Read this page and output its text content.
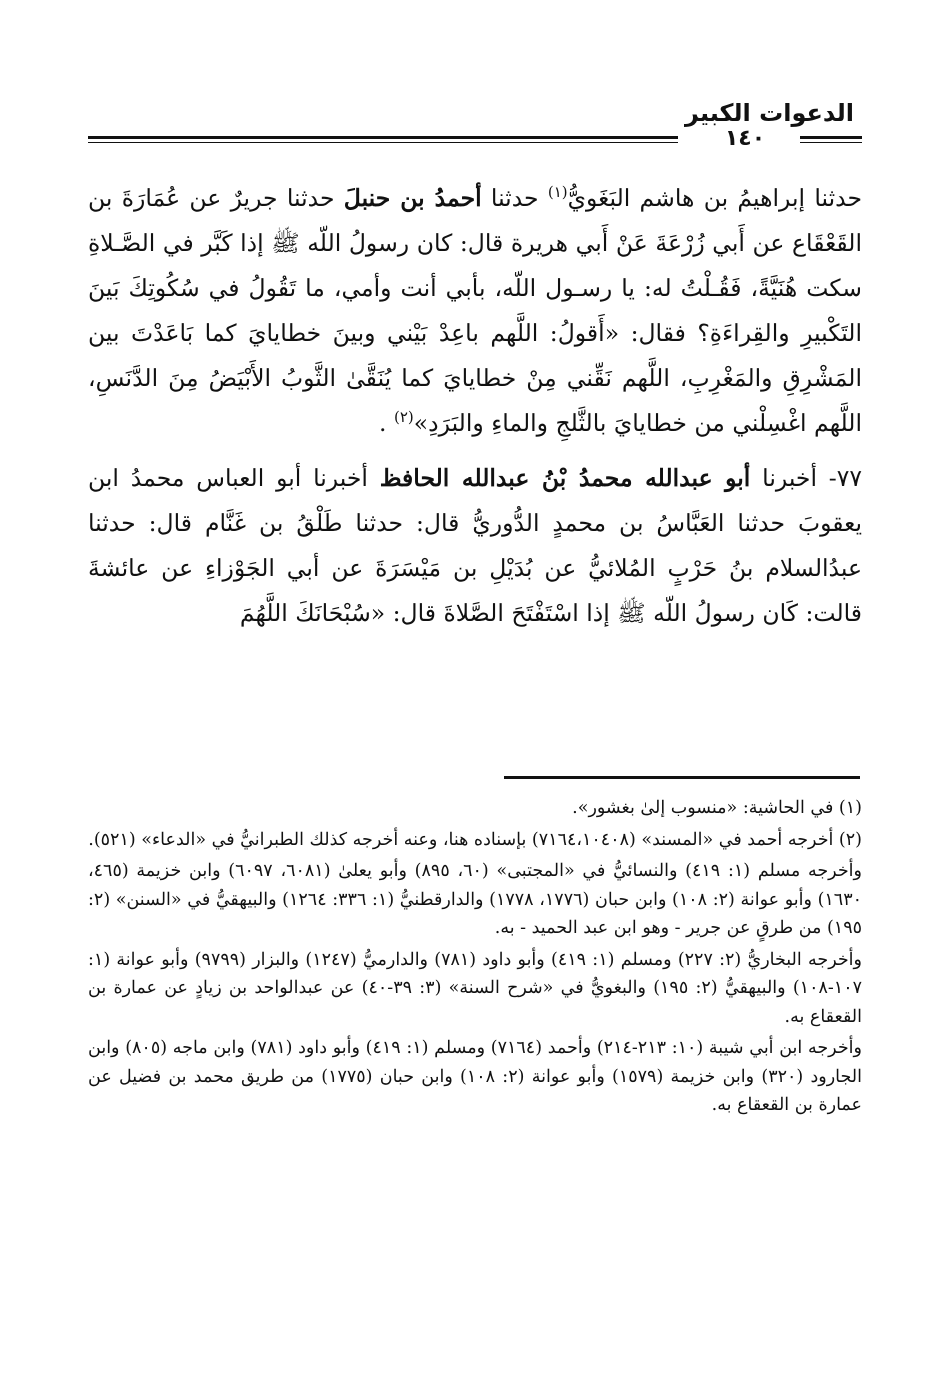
الدعوات الكبير
١٤٠

حدثنا إبراهيمُ بن هاشم البَغَويُّ$^{(١)}$ حدثنا أحمدُ بن حنبلَ حدثنا جريرٌ عن عُمَارَةَ بن القَعْقَاع عن أَبي زُرْعَةَ عَنْ أَبي هريرة قال: كان رسولُ اللّه ﷺ إذا كَبَّر في الصَّـلاةِ سكت هُنَيَّةً، فَقُـلْتُ له: يا رسـول اللّه، بأبي أنت وأمي، ما تَقُولُ في سُكُوتِكَ بَينَ التَكْبيرِ والقِراءَةِ؟ فقال: «أَقولُ: اللَّهم باعِدْ بَيْني وبينَ خطايايَ كما بَاعَدْتَ بين المَشْرِقِ والمَغْرِبِ، اللَّهم نَقِّني مِنْ خطايايَ كما يُنَقَّىٰ الثَّوبُ الأَبْيَضُ مِنَ الدَّنَسِ، اللَّهم اغْسِلْني من خطايايَ بالثَّلجِ والماءِ والبَرَدِ»$^{(٢)}$ .

٧٧- أخبرنا أبو عبدالله محمدُ بْنُ عبدالله الحافظ أخبرنا أبو العباس محمدُ ابن يعقوبَ حدثنا العَبَّاسُ بن محمدٍ الدُّوريُّ قال: حدثنا طَلْقُ بن غَنَّام قال: حدثنا عبدُالسلام بنُ حَرْبٍ المُلائيُّ عن بُدَيْلِ بن مَيْسَرَةَ عن أبي الجَوْزاءِ عن عائشةَ قالت: كَان رسولُ اللّه ﷺ إذا اسْتَفْتَحَ الصَّلاةَ قال: «سُبْحَانَكَ اللَّهُمَ

(١) في الحاشية: «منسوب إلىٰ بغشور».

(٢) أخرجه أحمد في «المسند» (٧١٦٤،١٠٤٠٨) بإسناده هنا، وعنه أخرجه كذلك الطبرانيُّ في «الدعاء» (٥٢١).

وأخرجه مسلم (١: ٤١٩) والنسائيُّ في «المجتبى» (٦٠، ٨٩٥) وأبو يعلىٰ (٦٠٨١، ٦٠٩٧) وابن خزيمة (٤٦٥، ١٦٣٠) وأبو عوانة (٢: ١٠٨) وابن حبان (١٧٧٦، ١٧٧٨) والدارقطنيُّ (١: ٣٣٦: ١٢٦٤) والبيهقيُّ في «السنن» (٢: ١٩٥) من طرقٍ عن جرير - وهو ابن عبد الحميد - به.

وأخرجه البخاريُّ (٢: ٢٢٧) ومسلم (١: ٤١٩) وأبو داود (٧٨١) والدارميُّ (١٢٤٧) والبزار (٩٧٩٩) وأبو عوانة (١: ١٠٧-١٠٨) والبيهقيُّ (٢: ١٩٥) والبغويُّ في «شرح السنة» (٣: ٣٩-٤٠) عن عبدالواحد بن زيادٍ عن عمارة بن القعقاع به.

وأخرجه ابن أبي شيبة (١٠: ٢١٣-٢١٤) وأحمد (٧١٦٤) ومسلم (١: ٤١٩) وأبو داود (٧٨١) وابن ماجه (٨٠٥) وابن الجارود (٣٢٠) وابن خزيمة (١٥٧٩) وأبو عوانة (٢: ١٠٨) وابن حبان (١٧٧٥) من طريق محمد بن فضيل عن عمارة بن القعقاع به.
